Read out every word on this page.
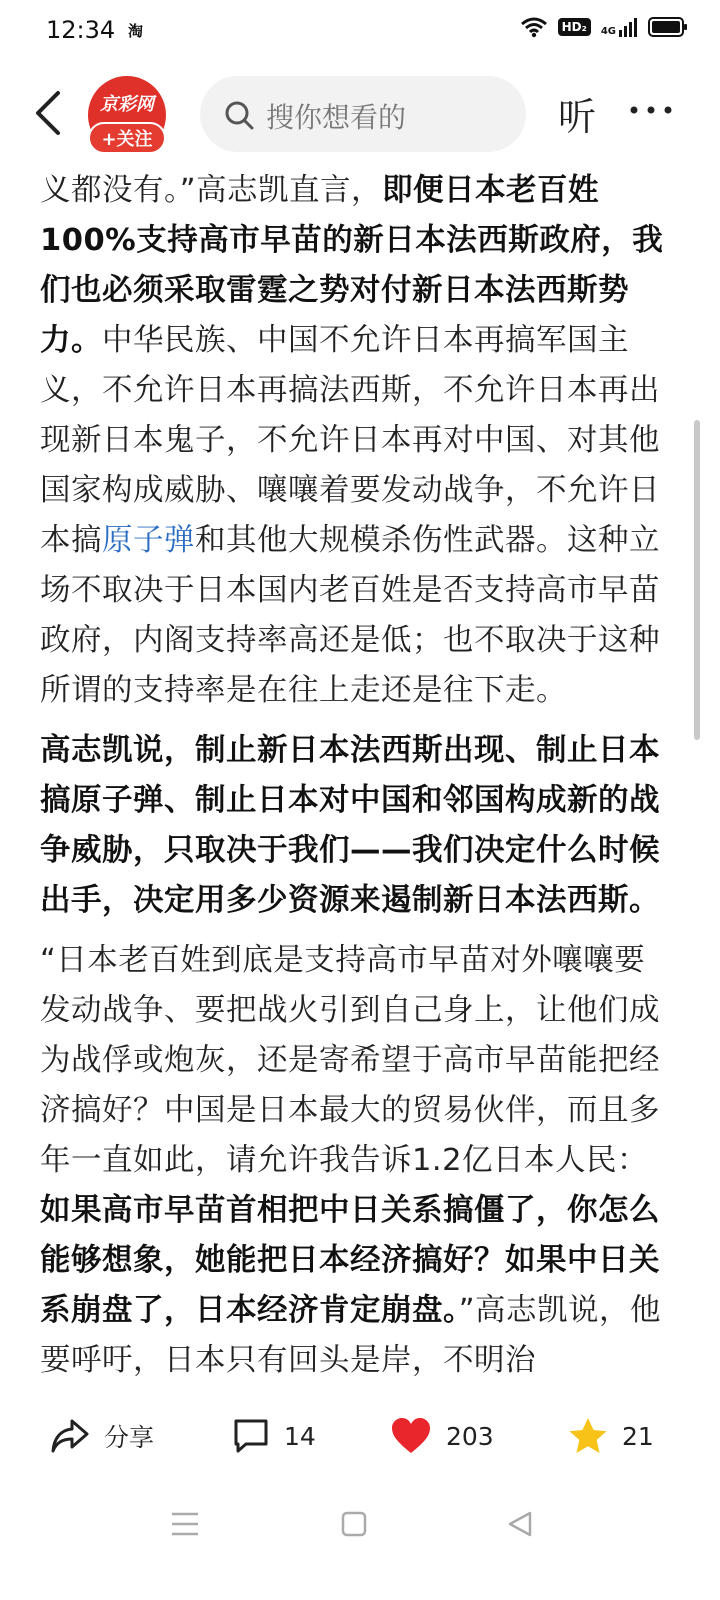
12:34 淘	HD₂	4G
京彩网
+关注
搜你想看的	听

义都没有。”高志凯直言，即便日本老百姓100%支持高市早苗的新日本法西斯政府，我们也必须采取雷霆之势对付新日本法西斯势力。中华民族、中国不允许日本再搞军国主义，不允许日本再搞法西斯，不允许日本再出现新日本鬼子，不允许日本再对中国、对其他国家构成威胁、嚷嚷着要发动战争，不允许日本搞原子弹和其他大规模杀伤性武器。这种立场不取决于日本国内老百姓是否支持高市早苗政府，内阁支持率高还是低；也不取决于这种所谓的支持率是在往上走还是往下走。

高志凯说，制止新日本法西斯出现、制止日本搞原子弹、制止日本对中国和邻国构成新的战争威胁，只取决于我们——我们决定什么时候出手，决定用多少资源来遏制新日本法西斯。

“日本老百姓到底是支持高市早苗对外嚷嚷要发动战争、要把战火引到自己身上，让他们成为战俘或炮灰，还是寄希望于高市早苗能把经济搞好？中国是日本最大的贸易伙伴，而且多年一直如此，请允许我告诉1.2亿日本人民：如果高市早苗首相把中日关系搞僵了，你怎么能够想象，她能把日本经济搞好？如果中日关系崩盘了，日本经济肯定崩盘。”高志凯说，他要呼吁，日本只有回头是岸，不明治

分享	14	203	21
